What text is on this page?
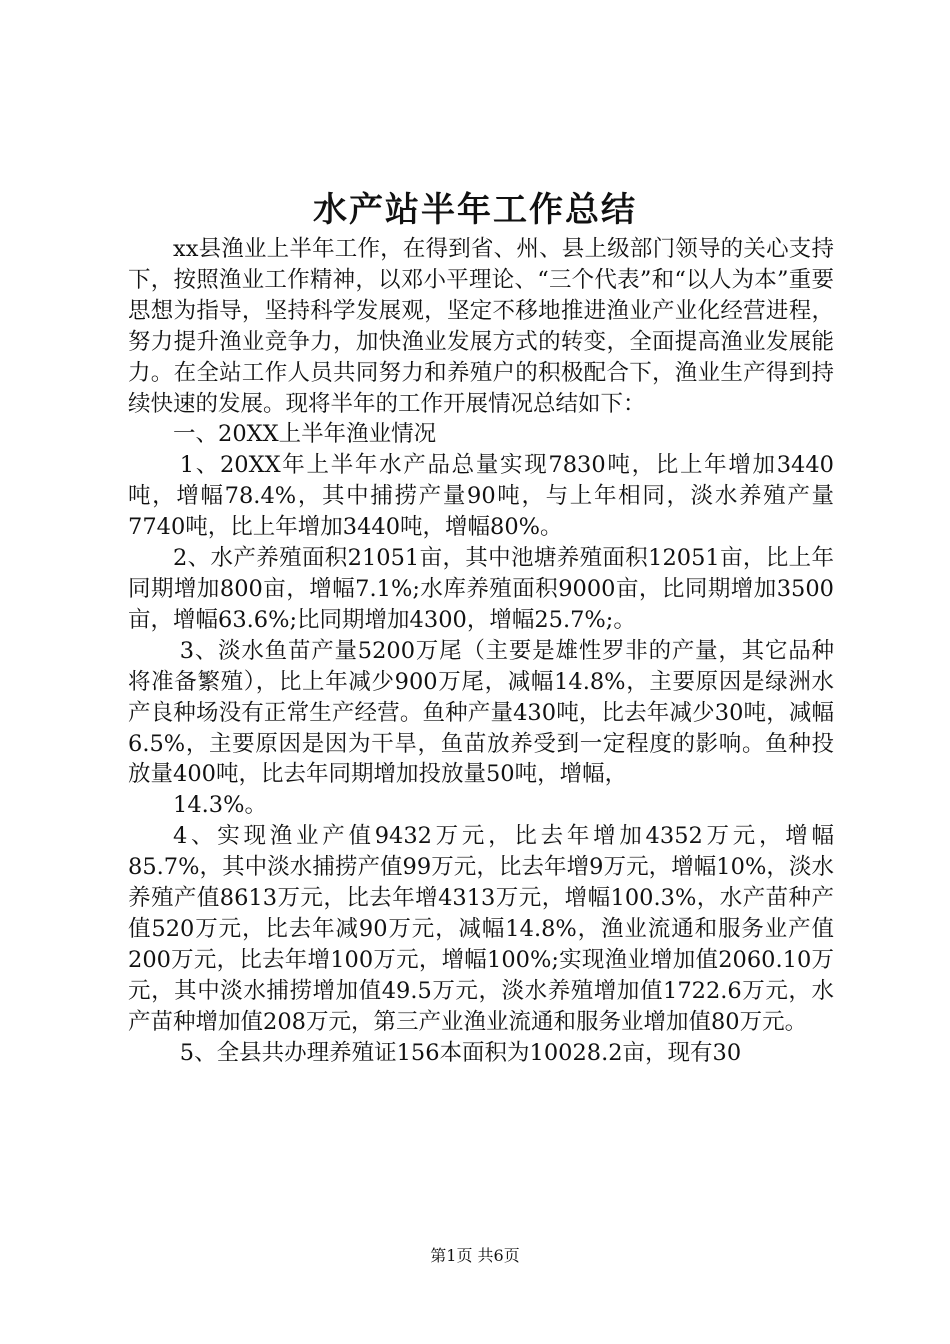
水产站半年工作总结

xx县渔业上半年工作，在得到省、州、县上级部门领导的关心支持下，按照渔业工作精神，以邓小平理论、“三个代表”和“以人为本”重要思想为指导，坚持科学发展观，坚定不移地推进渔业产业化经营进程，努力提升渔业竞争力，加快渔业发展方式的转变，全面提高渔业发展能力。在全站工作人员共同努力和养殖户的积极配合下，渔业生产得到持续快速的发展。现将半年的工作开展情况总结如下：

一、20XX上半年渔业情况

1、20XX年上半年水产品总量实现7830吨，比上年增加3440吨，增幅78.4%，其中捕捞产量90吨，与上年相同，淡水养殖产量7740吨，比上年增加3440吨，增幅80%。

2、水产养殖面积21051亩，其中池塘养殖面积12051亩，比上年同期增加800亩，增幅7.1%;水库养殖面积9000亩，比同期增加3500亩，增幅63.6%;比同期增加4300，增幅25.7%;。

3、淡水鱼苗产量5200万尾（主要是雄性罗非的产量，其它品种将准备繁殖），比上年减少900万尾，减幅14.8%，主要原因是绿洲水产良种场没有正常生产经营。鱼种产量430吨，比去年减少30吨，减幅6.5%，主要原因是因为干旱，鱼苗放养受到一定程度的影响。鱼种投放量400吨，比去年同期增加投放量50吨，增幅，

14.3%。

4、实现渔业产值9432万元，比去年增加4352万元，增幅85.7%，其中淡水捕捞产值99万元，比去年增9万元，增幅10%，淡水养殖产值8613万元，比去年增4313万元，增幅100.3%，水产苗种产值520万元，比去年减90万元，减幅14.8%，渔业流通和服务业产值200万元，比去年增100万元，增幅100%;实现渔业增加值2060.10万元，其中淡水捕捞增加值49.5万元，淡水养殖增加值1722.6万元，水产苗种增加值208万元，第三产业渔业流通和服务业增加值80万元。

5、全县共办理养殖证156本面积为10028.2亩，现有30

第1页 共6页
